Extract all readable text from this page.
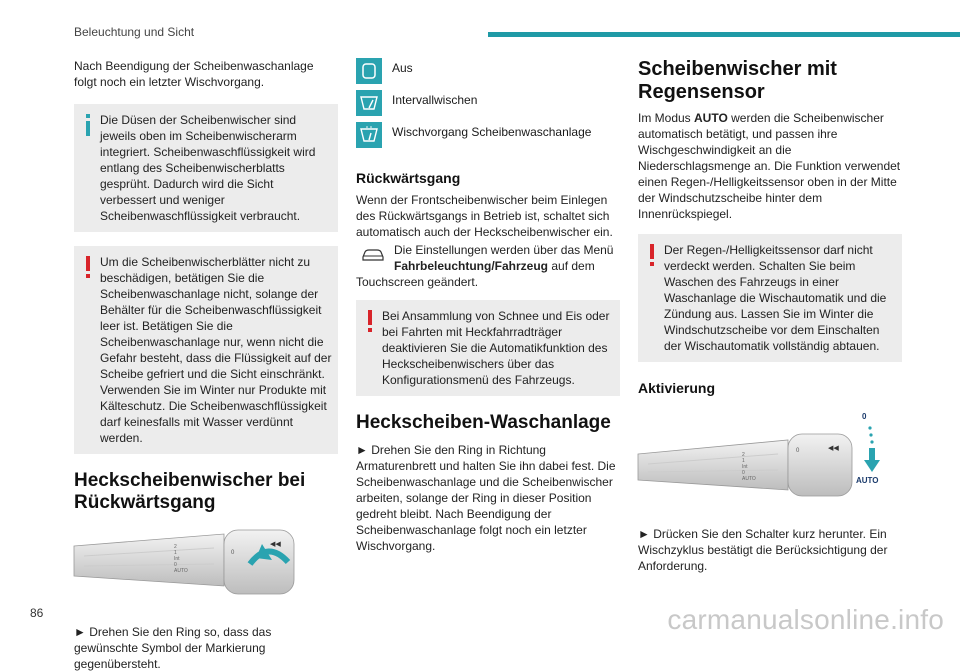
Beleuchtung und Sicht

Nach Beendigung der Scheibenwaschanlage folgt noch ein letzter Wischvorgang.

Die Düsen der Scheibenwischer sind jeweils oben im Scheibenwischerarm integriert. Scheibenwaschflüssigkeit wird entlang des Scheibenwischerblatts gesprüht. Dadurch wird die Sicht verbessert und weniger Scheibenwaschflüssigkeit verbraucht.
Um die Scheibenwischerblätter nicht zu beschädigen, betätigen Sie die Scheibenwaschanlage nicht, solange der Behälter für die Scheibenwaschflüssigkeit leer ist. Betätigen Sie die Scheibenwaschanlage nur, wenn nicht die Gefahr besteht, dass die Flüssigkeit auf der Scheibe gefriert und die Sicht einschränkt. Verwenden Sie im Winter nur Produkte mit Kälteschutz. Die Scheibenwaschflüssigkeit darf keinesfalls mit Wasser verdünnt werden.
Heckscheibenwischer bei Rückwärtsgang
0
◀◀
2
1
Int
0
AUTO

► Drehen Sie den Ring so, dass das gewünschte Symbol der Markierung gegenübersteht.

Aus
Intervallwischen
Wischvorgang Scheibenwaschanlage
Rückwärtsgang

Wenn der Frontscheibenwischer beim Einlegen des Rückwärtsgangs in Betrieb ist, schaltet sich automatisch auch der Heckscheibenwischer ein.

Die Einstellungen werden über das Menü Fahrbeleuchtung/Fahrzeug auf dem Touchscreen geändert.

Bei Ansammlung von Schnee und Eis oder bei Fahrten mit Heckfahrradträger deaktivieren Sie die Automatikfunktion des Heckscheibenwischers über das Konfigurationsmenü des Fahrzeugs.
Heckscheiben-Waschanlage

► Drehen Sie den Ring in Richtung Armaturenbrett und halten Sie ihn dabei fest. Die Scheibenwaschanlage und die Scheibenwischer arbeiten, solange der Ring in dieser Position gedreht bleibt. Nach Beendigung der Scheibenwaschanlage folgt noch ein letzter Wischvorgang.

Scheibenwischer mit Regensensor

Im Modus AUTO werden die Scheibenwischer automatisch betätigt, und passen ihre Wischgeschwindigkeit an die Niederschlagsmenge an. Die Funktion verwendet einen Regen-/Helligkeitssensor oben in der Mitte der Windschutzscheibe hinter dem Innenrückspiegel.

Der Regen-/Helligkeitssensor darf nicht verdeckt werden. Schalten Sie beim Waschen des Fahrzeugs in einer Waschanlage die Wischautomatik und die Zündung aus. Lassen Sie im Winter die Windschutzscheibe vor dem Einschalten der Wischautomatik vollständig abtauen.
Aktivierung
0	◀◀
0
AUTO
2
1
Int
0
AUTO

► Drücken Sie den Schalter kurz herunter. Ein Wischzyklus bestätigt die Berücksichtigung der Anforderung.

86	carmanualsonline.info
